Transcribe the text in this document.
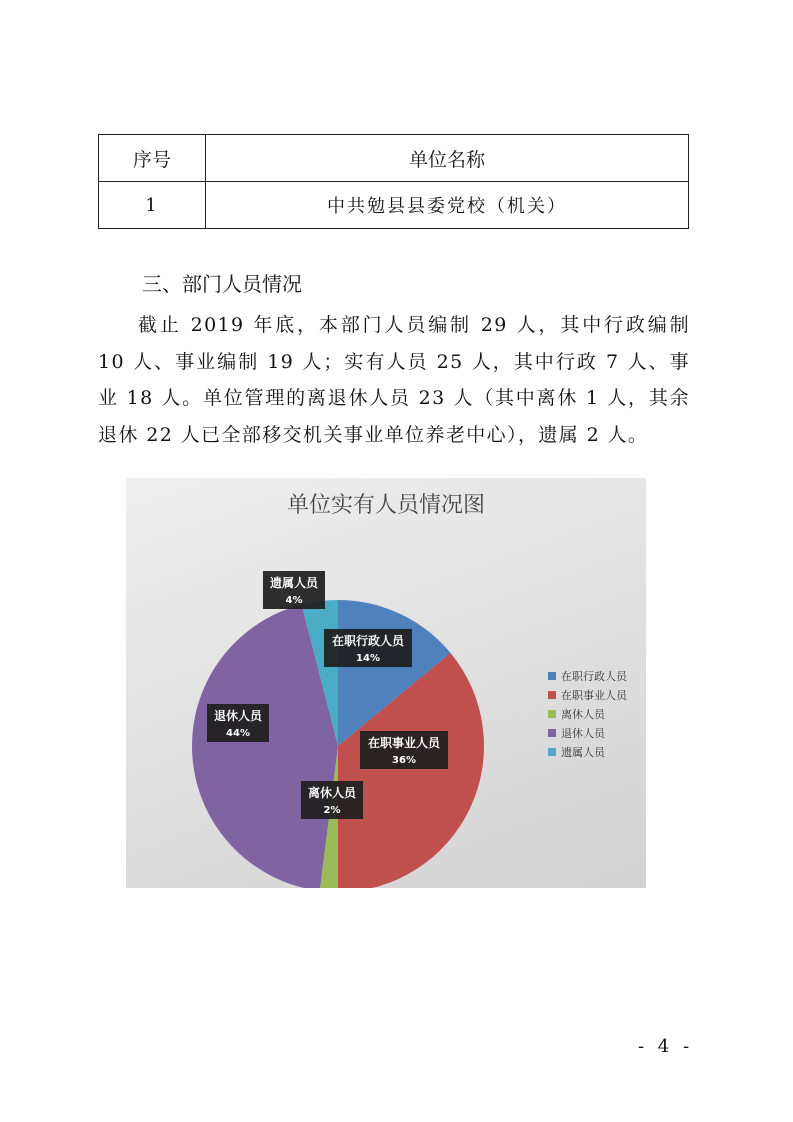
序号	单位名称
1	中共勉县县委党校（机关）
三、部门人员情况

截止 2019 年底，本部门人员编制 29 人，其中行政编制 10 人、事业编制 19 人；实有人员 25 人，其中行政 7 人、事业 18 人。单位管理的离退休人员 23 人（其中离休 1 人，其余退休 22 人已全部移交机关事业单位养老中心），遗属 2 人。

在职行政人员
14%
在职事业人员
36%
离休人员
2%
退休人员
44%
遗属人员
4%
单位实有人员情况图
在职行政人员
在职事业人员
离休人员
退休人员
遗属人员
- 4 -
